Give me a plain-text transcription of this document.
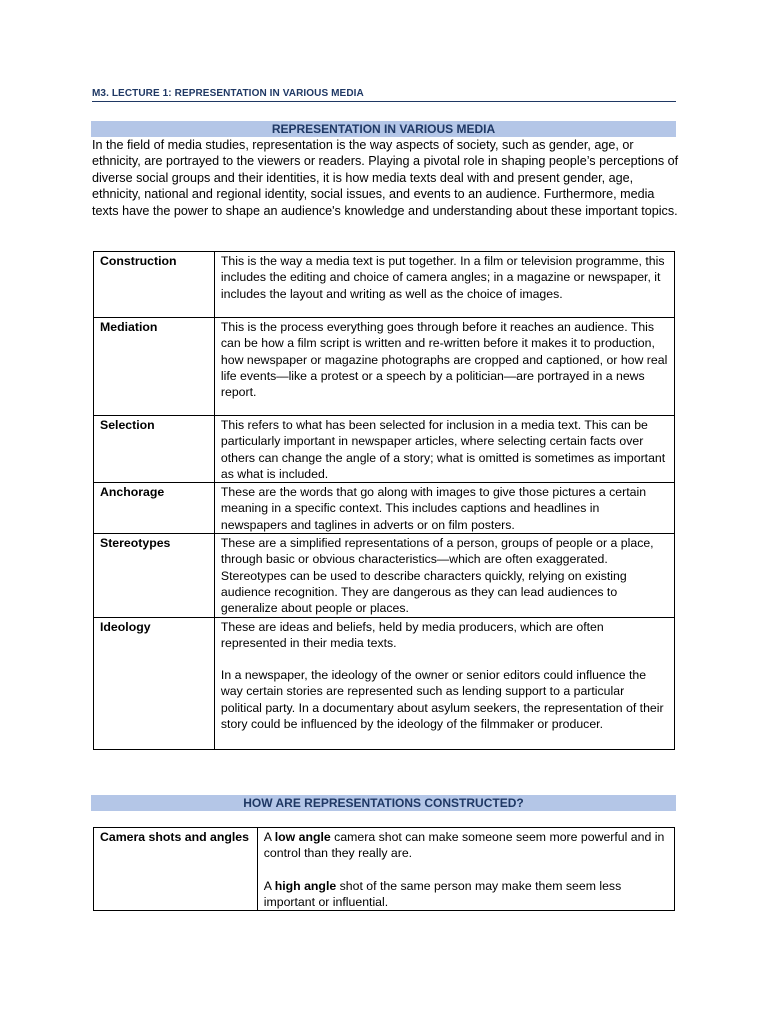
M3. LECTURE 1: REPRESENTATION IN VARIOUS MEDIA
REPRESENTATION IN VARIOUS MEDIA
In the field of media studies, representation is the way aspects of society, such as gender, age, or ethnicity, are portrayed to the viewers or readers. Playing a pivotal role in shaping people’s perceptions of diverse social groups and their identities, it is how media texts deal with and present gender, age, ethnicity, national and regional identity, social issues, and events to an audience. Furthermore, media texts have the power to shape an audience's knowledge and understanding about these important topics.
Construction	This is the way a media text is put together. In a film or television programme, this includes the editing and choice of camera angles; in a magazine or newspaper, it includes the layout and writing as well as the choice of images.

Mediation	This is the process everything goes through before it reaches an audience. This can be how a film script is written and re-written before it makes it to production, how newspaper or magazine photographs are cropped and captioned, or how real life events—like a protest or a speech by a politician—are portrayed in a news report.

Selection	This refers to what has been selected for inclusion in a media text. This can be particularly important in newspaper articles, where selecting certain facts over others can change the angle of a story; what is omitted is sometimes as important as what is included.

Anchorage	These are the words that go along with images to give those pictures a certain meaning in a specific context. This includes captions and headlines in newspapers and taglines in adverts or on film posters.

Stereotypes	These are a simplified representations of a person, groups of people or a place, through basic or obvious characteristics—which are often exaggerated. Stereotypes can be used to describe characters quickly, relying on existing audience recognition. They are dangerous as they can lead audiences to generalize about people or places.

Ideology	These are ideas and beliefs, held by media producers, which are often represented in their media texts.

In a newspaper, the ideology of the owner or senior editors could influence the way certain stories are represented such as lending support to a particular political party. In a documentary about asylum seekers, the representation of their story could be influenced by the ideology of the filmmaker or producer.

HOW ARE REPRESENTATIONS CONSTRUCTED?
Camera shots and angles	A low angle camera shot can make someone seem more powerful and in control than they really are.

A high angle shot of the same person may make them seem less important or influential.
